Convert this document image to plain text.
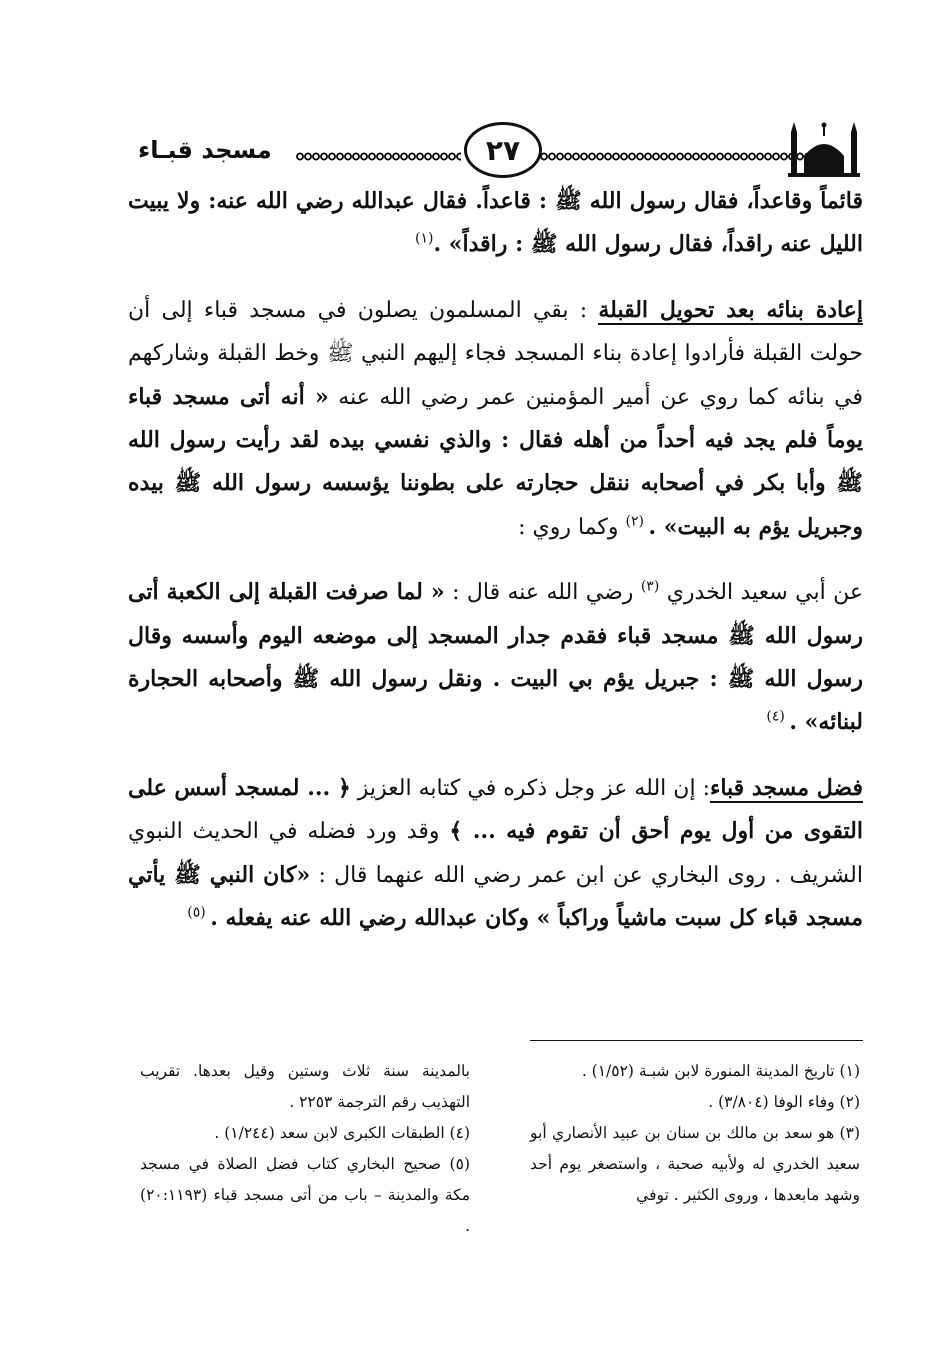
مسجد قبـاء	٢٧

قائماً وقاعداً، فقال رسول الله ﷺ : قاعداً. فقال عبدالله رضي الله عنه: ولا يبيت الليل عنه راقداً، فقال رسول الله ﷺ : راقداً» .$^{(١)}$

إعادة بنائه بعد تحويل القبلة : بقي المسلمون يصلون في مسجد قباء إلى أن حولت القبلة فأرادوا إعادة بناء المسجد فجاء إليهم النبي ﷺ وخط القبلة وشاركهم في بنائه كما روي عن أمير المؤمنين عمر رضي الله عنه « أنه أتى مسجد قباء يوماً فلم يجد فيه أحداً من أهله فقال : والذي نفسي بيده لقد رأيت رسول الله ﷺ وأبا بكر في أصحابه ننقل حجارته على بطوننا يؤسسه رسول الله ﷺ بيده وجبريل يؤم به البيت» . $^{(٢)}$ وكما روي :

عن أبي سعيد الخدري $^{(٣)}$ رضي الله عنه قال : « لما صرفت القبلة إلى الكعبة أتى رسول الله ﷺ مسجد قباء فقدم جدار المسجد إلى موضعه اليوم وأسسه وقال رسول الله ﷺ : جبريل يؤم بي البيت . ونقل رسول الله ﷺ وأصحابه الحجارة لبنائه» . $^{(٤)}$

فضل مسجد قباء: إن الله عز وجل ذكره في كتابه العزيز ﴿ ... لمسجد أسس على التقوى من أول يوم أحق أن تقوم فيه ... ﴾ وقد ورد فضله في الحديث النبوي الشريف . روى البخاري عن ابن عمر رضي الله عنهما قال : «كان النبي ﷺ يأتي مسجد قباء كل سبت ماشياً وراكباً » وكان عبدالله رضي الله عنه يفعله . $^{(٥)}$

(١) تاريخ المدينة المنورة لابن شبـة (١/٥٢) .

(٢) وفاء الوفا (٣/٨٠٤) .

(٣) هو سعد بن مالك بن سنان بن عبيد الأنصاري أبو سعيد الخدري له ولأبيه صحبة ، واستصغر يوم أحد وشهد مابعدها ، وروى الكثير . توفي

بالمدينة سنة ثلاث وستين وقيل بعدها. تقريب التهذيب رقم الترجمة ٢٢٥٣ .

(٤) الطبقات الكبرى لابن سعد (١/٢٤٤) .

(٥) صحيح البخاري كتاب فضل الصلاة في مسجد مكة والمدينة – باب من أتى مسجد قباء (٢٠:١١٩٣) .
